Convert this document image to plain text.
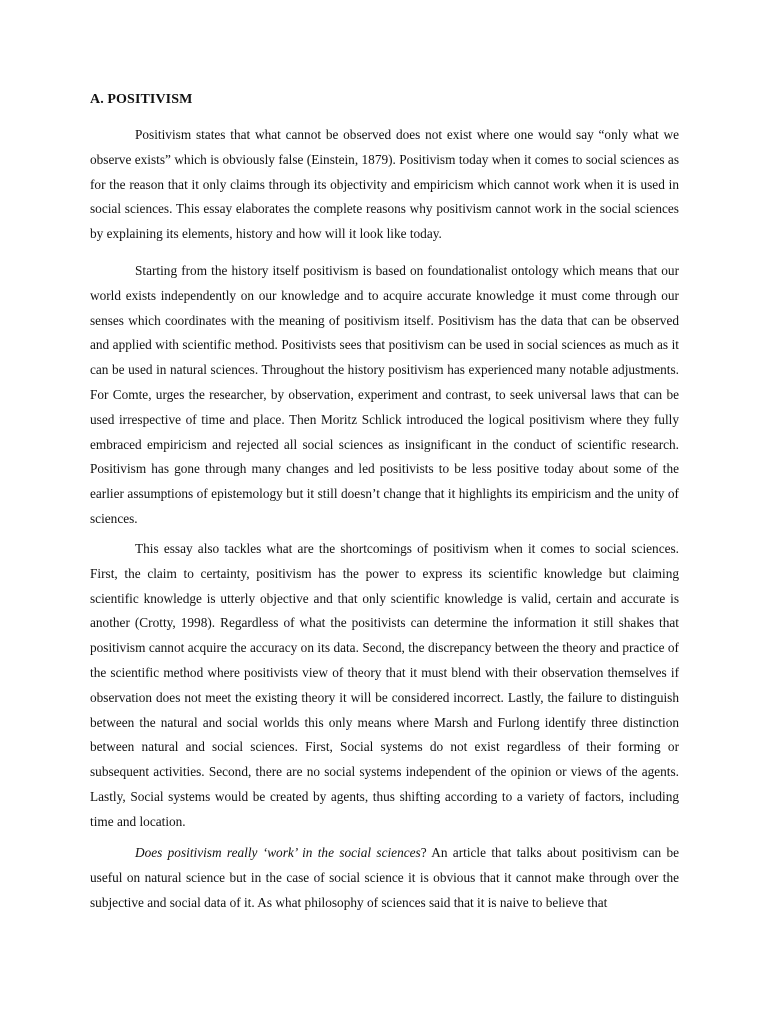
A. POSITIVISM

Positivism states that what cannot be observed does not exist where one would say “only what we observe exists” which is obviously false (Einstein, 1879). Positivism today when it comes to social sciences as for the reason that it only claims through its objectivity and empiricism which cannot work when it is used in social sciences. This essay elaborates the complete reasons why positivism cannot work in the social sciences by explaining its elements, history and how will it look like today.

Starting from the history itself positivism is based on foundationalist ontology which means that our world exists independently on our knowledge and to acquire accurate knowledge it must come through our senses which coordinates with the meaning of positivism itself. Positivism has the data that can be observed and applied with scientific method. Positivists sees that positivism can be used in social sciences as much as it can be used in natural sciences. Throughout the history positivism has experienced many notable adjustments. For Comte, urges the researcher, by observation, experiment and contrast, to seek universal laws that can be used irrespective of time and place. Then Moritz Schlick introduced the logical positivism where they fully embraced empiricism and rejected all social sciences as insignificant in the conduct of scientific research. Positivism has gone through many changes and led positivists to be less positive today about some of the earlier assumptions of epistemology but it still doesn’t change that it highlights its empiricism and the unity of sciences.

This essay also tackles what are the shortcomings of positivism when it comes to social sciences. First, the claim to certainty, positivism has the power to express its scientific knowledge but claiming scientific knowledge is utterly objective and that only scientific knowledge is valid, certain and accurate is another (Crotty, 1998). Regardless of what the positivists can determine the information it still shakes that positivism cannot acquire the accuracy on its data. Second, the discrepancy between the theory and practice of the scientific method where positivists view of theory that it must blend with their observation themselves if observation does not meet the existing theory it will be considered incorrect. Lastly, the failure to distinguish between the natural and social worlds this only means where Marsh and Furlong identify three distinction between natural and social sciences. First, Social systems do not exist regardless of their forming or subsequent activities. Second, there are no social systems independent of the opinion or views of the agents. Lastly, Social systems would be created by agents, thus shifting according to a variety of factors, including time and location.

Does positivism really ‘work’ in the social sciences? An article that talks about positivism can be useful on natural science but in the case of social science it is obvious that it cannot make through over the subjective and social data of it. As what philosophy of sciences said that it is naive to believe that
